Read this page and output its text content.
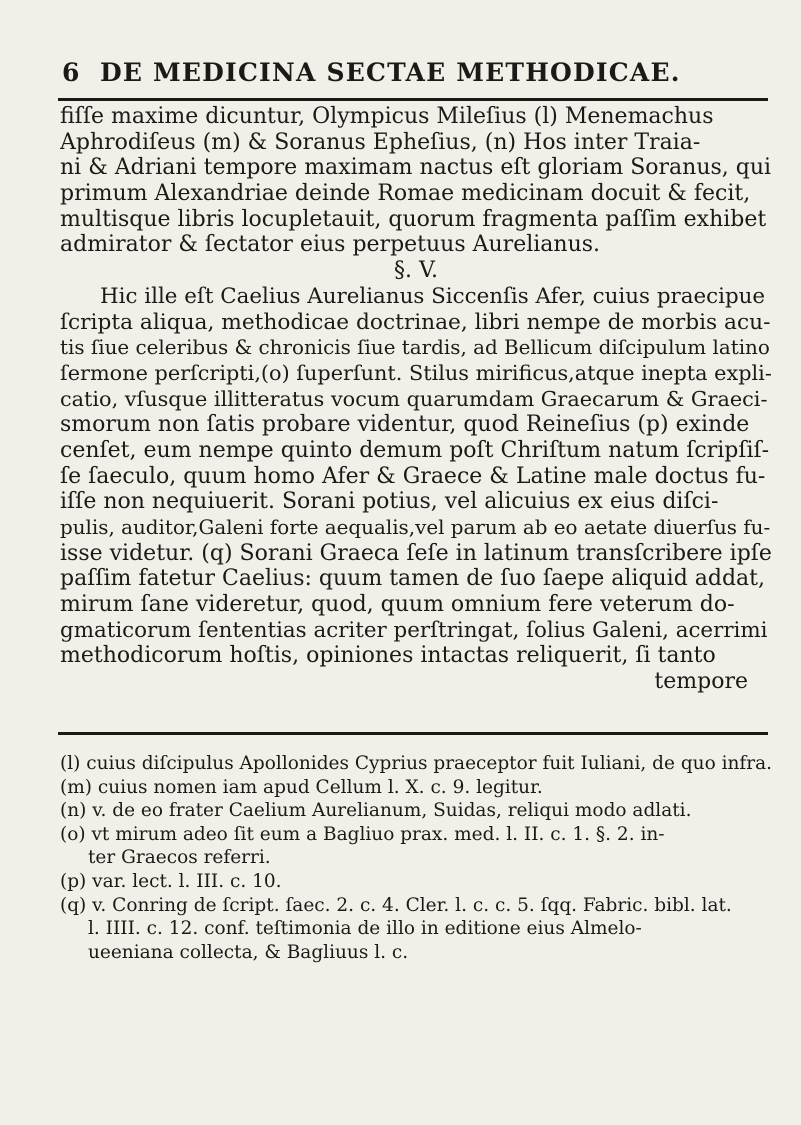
6 DE MEDICINA SECTAE METHODICAE.
fiſſe maxime dicuntur, Olympicus Mileſius (l) Menemachus
Aphrodiſeus (m) & Soranus Epheſius, (n) Hos inter Traia-
ni & Adriani tempore maximam nactus eſt gloriam Soranus, qui
primum Alexandriae deinde Romae medicinam docuit & fecit,
multisque libris locupletauit, quorum fragmenta paſſim exhibet
admirator & ſectator eius perpetuus Aurelianus.
§. V.
Hic ille eſt Caelius Aurelianus Siccenſis Afer, cuius praecipue
ſcripta aliqua, methodicae doctrinae, libri nempe de morbis acu-
tis ſiue celeribus & chronicis ſiue tardis, ad Bellicum diſcipulum latino
ſermone perſcripti,(o) ſuperſunt. Stilus mirificus,atque inepta expli-
catio, vſusque illitteratus vocum quarumdam Graecarum & Graeci-
smorum non ſatis probare videntur, quod Reineſius (p) exinde
cenſet, eum nempe quinto demum poſt Chriſtum natum ſcripſiſ-
ſe ſaeculo, quum homo Afer & Graece & Latine male doctus fu-
iſſe non nequiuerit. Sorani potius, vel alicuius ex eius diſci-
pulis, auditor,Galeni forte aequalis,vel parum ab eo aetate diuerſus fu-
isse videtur. (q) Sorani Graeca ſeſe in latinum transſcribere ipſe
paſſim fatetur Caelius: quum tamen de ſuo ſaepe aliquid addat,
mirum ſane videretur, quod, quum omnium fere veterum do-
gmaticorum ſententias acriter perſtringat, ſolius Galeni, acerrimi
methodicorum hoſtis, opiniones intactas reliquerit, ſi tanto
tempore
(l) cuius diſcipulus Apollonides Cyprius praeceptor fuit Iuliani, de quo infra.
(m) cuius nomen iam apud Cellum l. X. c. 9. legitur.
(n) v. de eo frater Caelium Aurelianum, Suidas, reliqui modo adlati.
(o) vt mirum adeo ſit eum a Bagliuo prax. med. l. II. c. 1. §. 2. in-
ter Graecos referri.
(p) var. lect. l. III. c. 10.
(q) v. Conring de ſcript. ſaec. 2. c. 4. Cler. l. c. c. 5. ſqq. Fabric. bibl. lat.
l. IIII. c. 12. conf. teſtimonia de illo in editione eius Almelo-
ueeniana collecta, & Bagliuus l. c.
